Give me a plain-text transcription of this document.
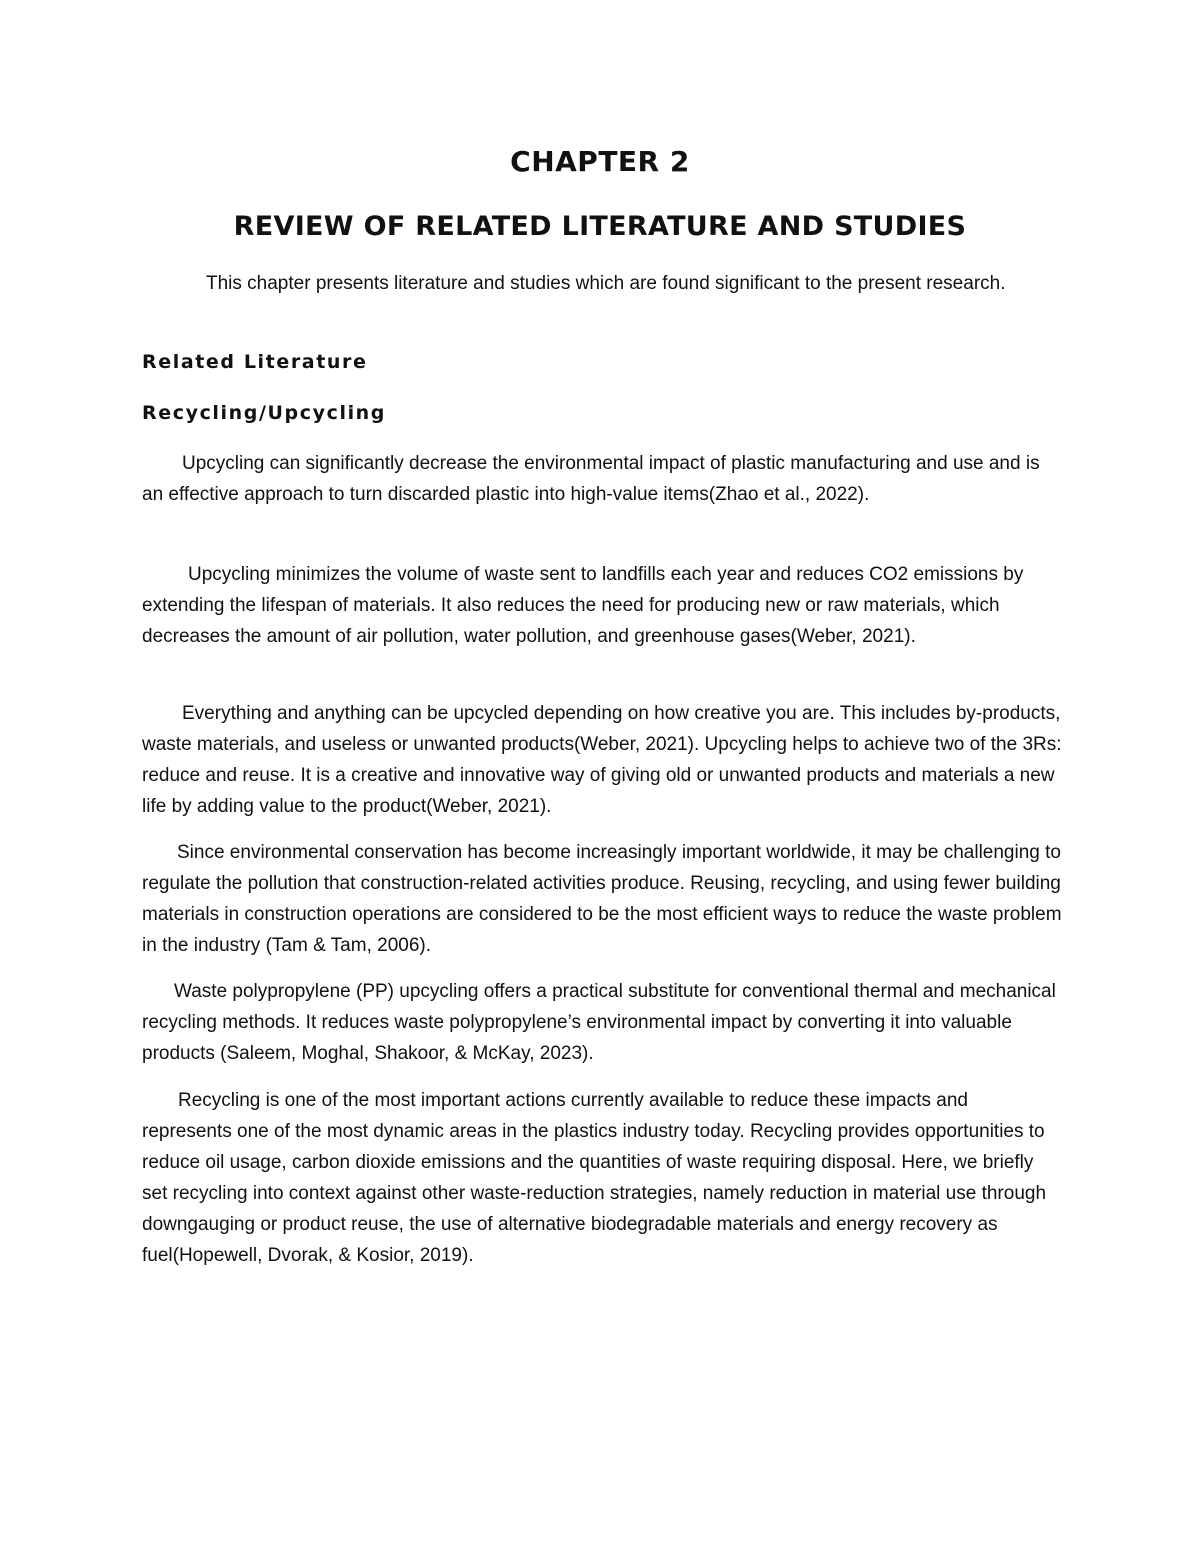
CHAPTER 2
REVIEW OF RELATED LITERATURE AND STUDIES

This chapter presents literature and studies which are found significant to the present research.

Related Literature
Recycling/Upcycling

Upcycling can significantly decrease the environmental impact of plastic manufacturing and use and is an effective approach to turn discarded plastic into high-value items(Zhao et al., 2022).

Upcycling minimizes the volume of waste sent to landfills each year and reduces CO2 emissions by extending the lifespan of materials. It also reduces the need for producing new or raw materials, which decreases the amount of air pollution, water pollution, and greenhouse gases(Weber, 2021).

Everything and anything can be upcycled depending on how creative you are. This includes by-products, waste materials, and useless or unwanted products(Weber, 2021). Upcycling helps to achieve two of the 3Rs: reduce and reuse. It is a creative and innovative way of giving old or unwanted products and materials a new life by adding value to the product(Weber, 2021).

Since environmental conservation has become increasingly important worldwide, it may be challenging to regulate the pollution that construction-related activities produce. Reusing, recycling, and using fewer building materials in construction operations are considered to be the most efficient ways to reduce the waste problem in the industry (Tam & Tam, 2006).

Waste polypropylene (PP) upcycling offers a practical substitute for conventional thermal and mechanical recycling methods. It reduces waste polypropylene’s environmental impact by converting it into valuable products (Saleem, Moghal, Shakoor, & McKay, 2023).

Recycling is one of the most important actions currently available to reduce these impacts and represents one of the most dynamic areas in the plastics industry today. Recycling provides opportunities to reduce oil usage, carbon dioxide emissions and the quantities of waste requiring disposal. Here, we briefly set recycling into context against other waste-reduction strategies, namely reduction in material use through downgauging or product reuse, the use of alternative biodegradable materials and energy recovery as fuel(Hopewell, Dvorak, & Kosior, 2019).
